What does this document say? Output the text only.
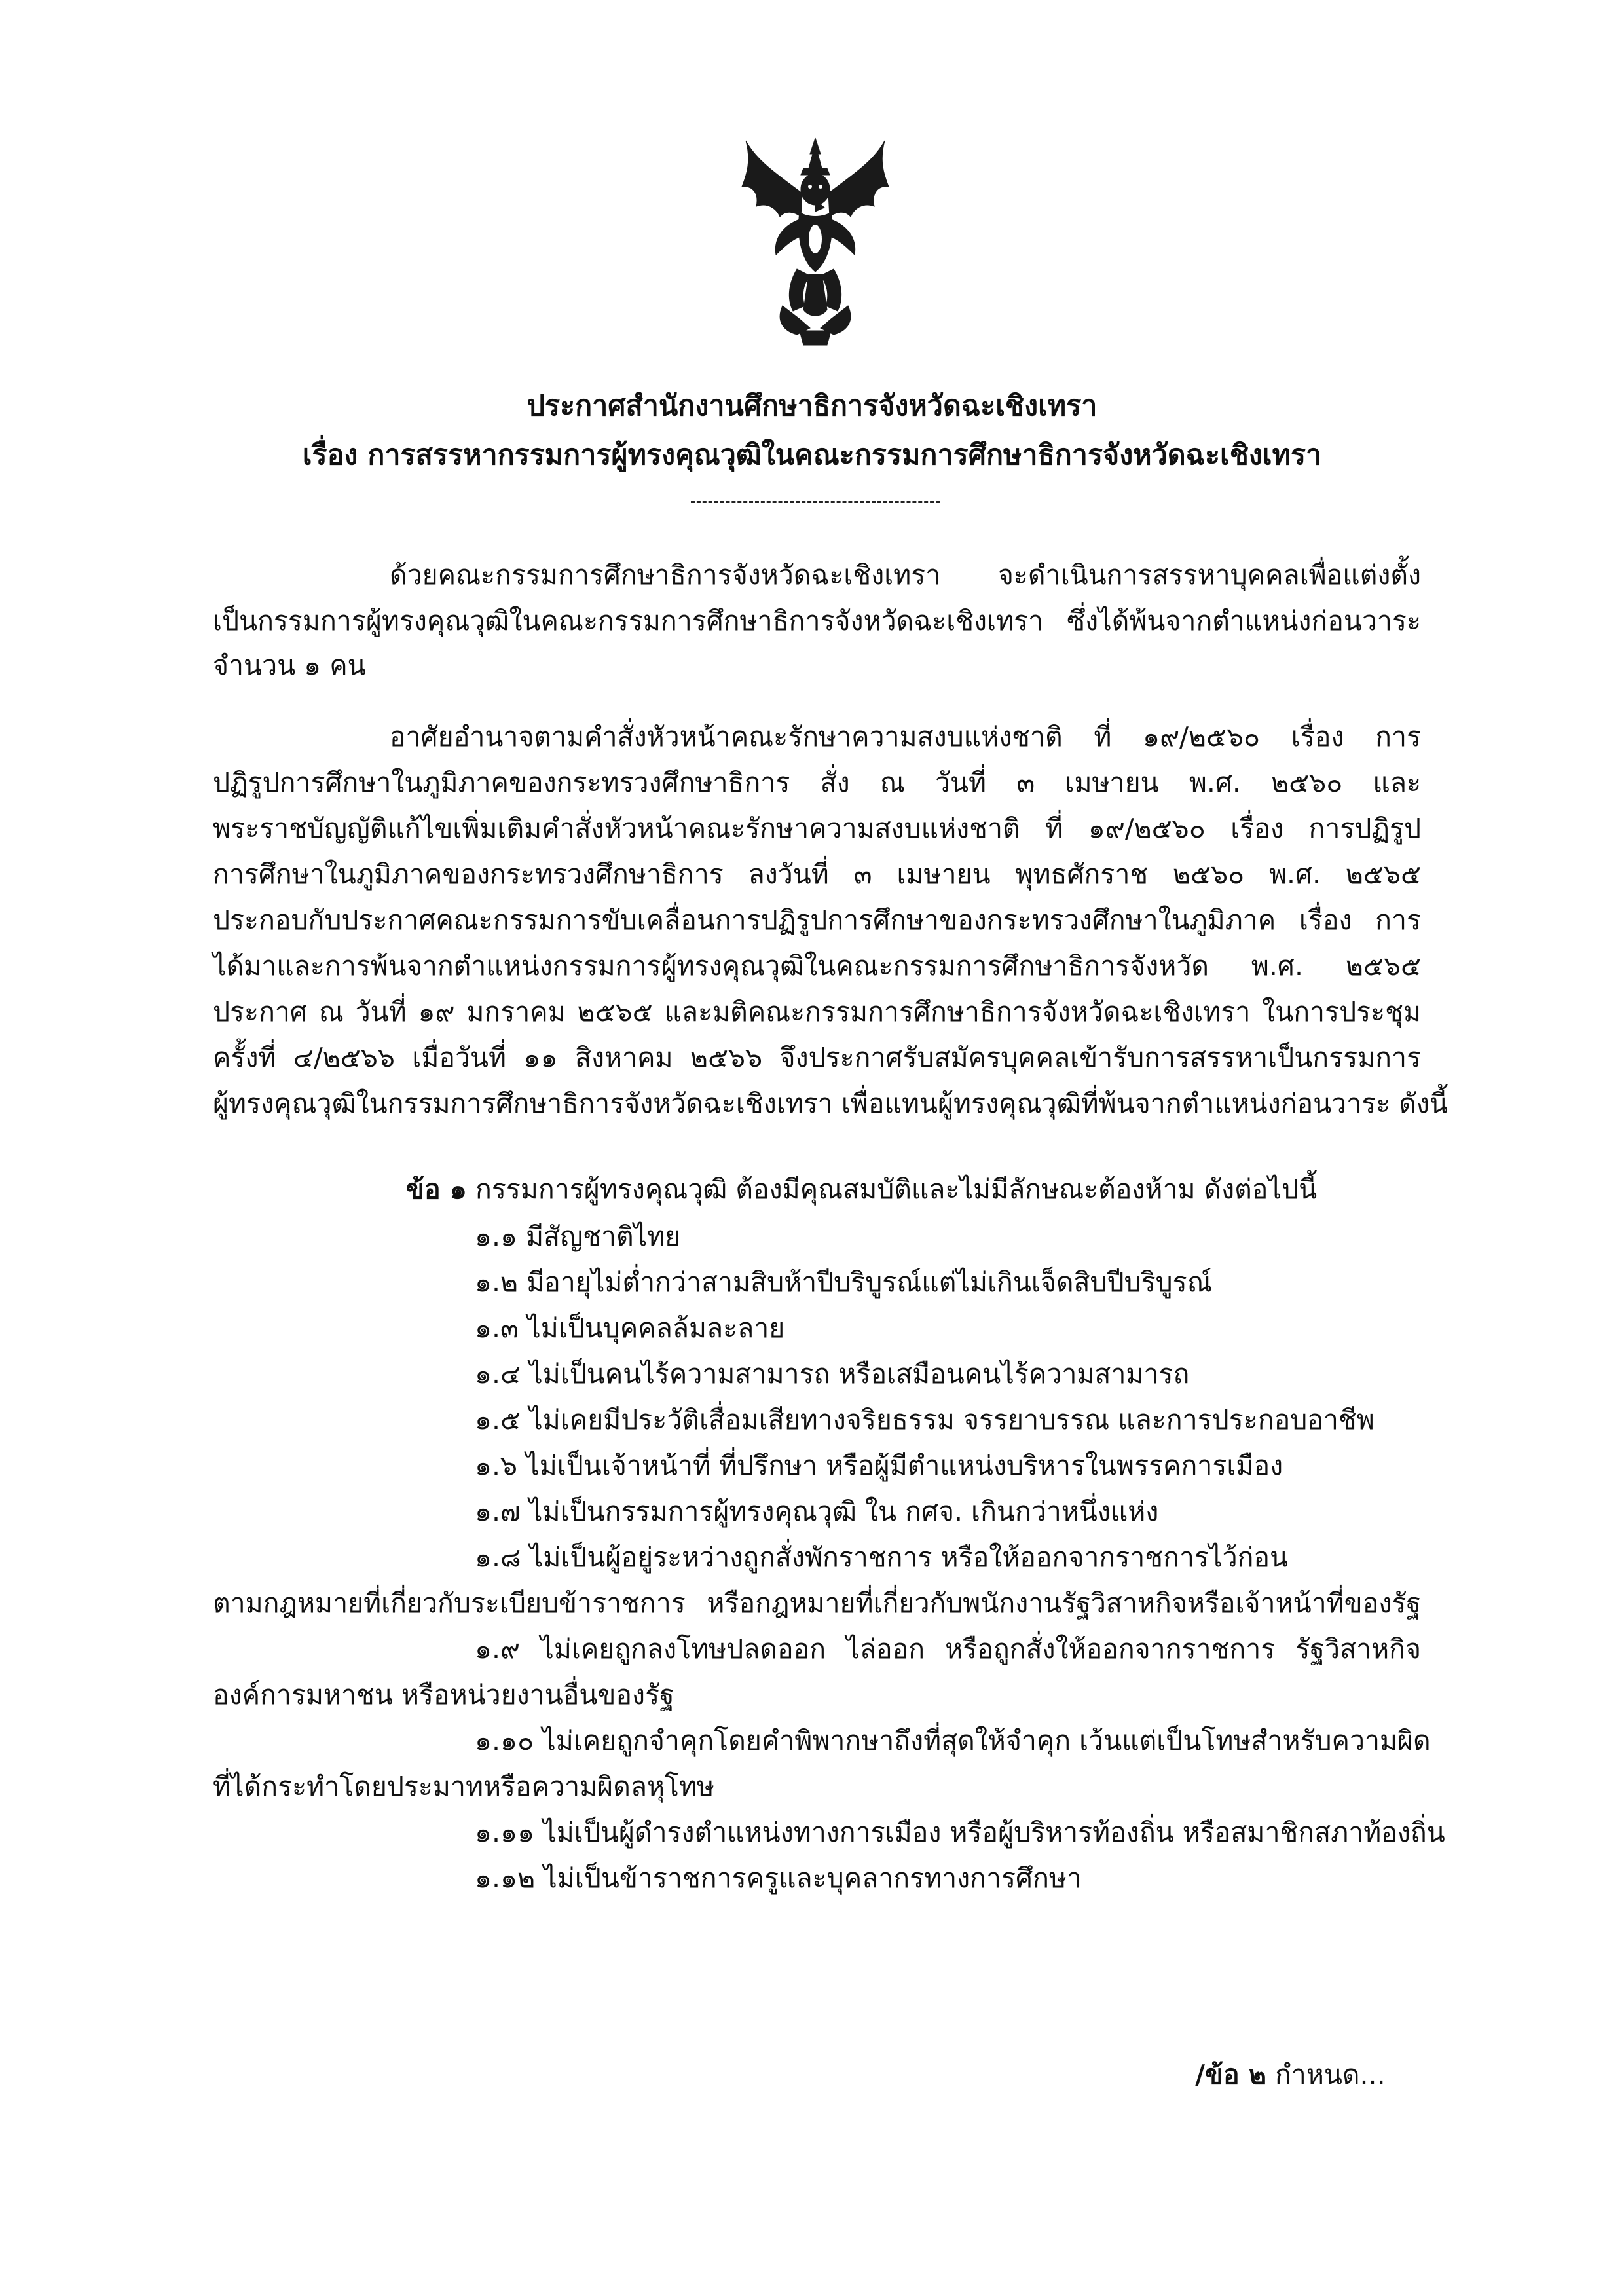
ประกาศสำนักงานศึกษาธิการจังหวัดฉะเชิงเทรา
เรื่อง การสรรหากรรมการผู้ทรงคุณวุฒิในคณะกรรมการศึกษาธิการจังหวัดฉะเชิงเทรา
ด้วยคณะกรรมการศึกษาธิการจังหวัดฉะเชิงเทรา จะดำเนินการสรรหาบุคคลเพื่อแต่งตั้ง
เป็นกรรมการผู้ทรงคุณวุฒิในคณะกรรมการศึกษาธิการจังหวัดฉะเชิงเทรา ซึ่งได้พ้นจากตำแหน่งก่อนวาระ
จำนวน ๑ คน
อาศัยอำนาจตามคำสั่งหัวหน้าคณะรักษาความสงบแห่งชาติ ที่ ๑๙/๒๕๖๐ เรื่อง การ
ปฏิรูปการศึกษาในภูมิภาคของกระทรวงศึกษาธิการ สั่ง ณ วันที่ ๓ เมษายน พ.ศ. ๒๕๖๐ และ
พระราชบัญญัติแก้ไขเพิ่มเติมคำสั่งหัวหน้าคณะรักษาความสงบแห่งชาติ ที่ ๑๙/๒๕๖๐ เรื่อง การปฏิรูป
การศึกษาในภูมิภาคของกระทรวงศึกษาธิการ ลงวันที่ ๓ เมษายน พุทธศักราช ๒๕๖๐ พ.ศ. ๒๕๖๕
ประกอบกับประกาศคณะกรรมการขับเคลื่อนการปฏิรูปการศึกษาของกระทรวงศึกษาในภูมิภาค เรื่อง การ
ได้มาและการพ้นจากตำแหน่งกรรมการผู้ทรงคุณวุฒิในคณะกรรมการศึกษาธิการจังหวัด พ.ศ. ๒๕๖๕
ประกาศ ณ วันที่ ๑๙ มกราคม ๒๕๖๕ และมติคณะกรรมการศึกษาธิการจังหวัดฉะเชิงเทรา ในการประชุม
ครั้งที่ ๔/๒๕๖๖ เมื่อวันที่ ๑๑ สิงหาคม ๒๕๖๖ จึงประกาศรับสมัครบุคคลเข้ารับการสรรหาเป็นกรรมการ
ผู้ทรงคุณวุฒิในกรรมการศึกษาธิการจังหวัดฉะเชิงเทรา เพื่อแทนผู้ทรงคุณวุฒิที่พ้นจากตำแหน่งก่อนวาระ ดังนี้
ข้อ ๑ กรรมการผู้ทรงคุณวุฒิ ต้องมีคุณสมบัติและไม่มีลักษณะต้องห้าม ดังต่อไปนี้
๑.๑ มีสัญชาติไทย
๑.๒ มีอายุไม่ต่ำกว่าสามสิบห้าปีบริบูรณ์แต่ไม่เกินเจ็ดสิบปีบริบูรณ์
๑.๓ ไม่เป็นบุคคลล้มละลาย
๑.๔ ไม่เป็นคนไร้ความสามารถ หรือเสมือนคนไร้ความสามารถ
๑.๕ ไม่เคยมีประวัติเสื่อมเสียทางจริยธรรม จรรยาบรรณ และการประกอบอาชีพ
๑.๖ ไม่เป็นเจ้าหน้าที่ ที่ปรึกษา หรือผู้มีตำแหน่งบริหารในพรรคการเมือง
๑.๗ ไม่เป็นกรรมการผู้ทรงคุณวุฒิ ใน กศจ. เกินกว่าหนึ่งแห่ง
๑.๘ ไม่เป็นผู้อยู่ระหว่างถูกสั่งพักราชการ หรือให้ออกจากราชการไว้ก่อน
ตามกฎหมายที่เกี่ยวกับระเบียบข้าราชการ หรือกฎหมายที่เกี่ยวกับพนักงานรัฐวิสาหกิจหรือเจ้าหน้าที่ของรัฐ
๑.๙ ไม่เคยถูกลงโทษปลดออก ไล่ออก หรือถูกสั่งให้ออกจากราชการ รัฐวิสาหกิจ
องค์การมหาชน หรือหน่วยงานอื่นของรัฐ
๑.๑๐ ไม่เคยถูกจำคุกโดยคำพิพากษาถึงที่สุดให้จำคุก เว้นแต่เป็นโทษสำหรับความผิด
ที่ได้กระทำโดยประมาทหรือความผิดลหุโทษ
๑.๑๑ ไม่เป็นผู้ดำรงตำแหน่งทางการเมือง หรือผู้บริหารท้องถิ่น หรือสมาชิกสภาท้องถิ่น
๑.๑๒ ไม่เป็นข้าราชการครูและบุคลากรทางการศึกษา
/ข้อ ๒ กำหนด...
